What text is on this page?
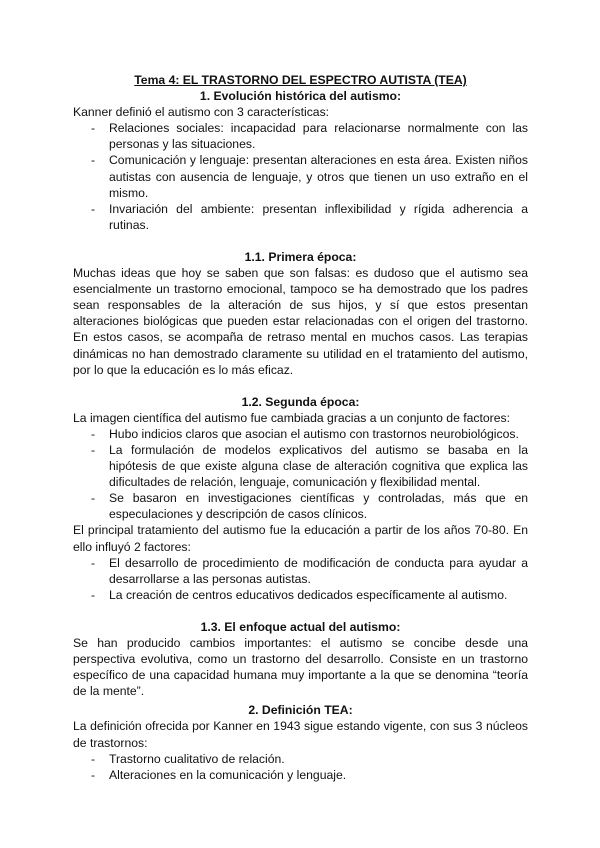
Tema 4: EL TRASTORNO DEL ESPECTRO AUTISTA (TEA)

1. Evolución histórica del autismo:

Kanner definió el autismo con 3 características:

- Relaciones sociales: incapacidad para relacionarse normalmente con las personas y las situaciones.
- Comunicación y lenguaje: presentan alteraciones en esta área. Existen niños autistas con ausencia de lenguaje, y otros que tienen un uso extraño en el mismo.
- Invariación del ambiente: presentan inflexibilidad y rígida adherencia a rutinas.

1.1. Primera época:

Muchas ideas que hoy se saben que son falsas: es dudoso que el autismo sea esencialmente un trastorno emocional, tampoco se ha demostrado que los padres sean responsables de la alteración de sus hijos, y sí que estos presentan alteraciones biológicas que pueden estar relacionadas con el origen del trastorno. En estos casos, se acompaña de retraso mental en muchos casos. Las terapias dinámicas no han demostrado claramente su utilidad en el tratamiento del autismo, por lo que la educación es lo más eficaz.

1.2. Segunda época:

La imagen científica del autismo fue cambiada gracias a un conjunto de factores:

- Hubo indicios claros que asocian el autismo con trastornos neurobiológicos.
- La formulación de modelos explicativos del autismo se basaba en la hipótesis de que existe alguna clase de alteración cognitiva que explica las dificultades de relación, lenguaje, comunicación y flexibilidad mental.
- Se basaron en investigaciones científicas y controladas, más que en especulaciones y descripción de casos clínicos.

El principal tratamiento del autismo fue la educación a partir de los años 70-80. En ello influyó 2 factores:

- El desarrollo de procedimiento de modificación de conducta para ayudar a desarrollarse a las personas autistas.
- La creación de centros educativos dedicados específicamente al autismo.

1.3. El enfoque actual del autismo:

Se han producido cambios importantes: el autismo se concibe desde una perspectiva evolutiva, como un trastorno del desarrollo. Consiste en un trastorno específico de una capacidad humana muy importante a la que se denomina “teoría de la mente”.

2. Definición TEA:

La definición ofrecida por Kanner en 1943 sigue estando vigente, con sus 3 núcleos de trastornos:

- Trastorno cualitativo de relación.
- Alteraciones en la comunicación y lenguaje.
